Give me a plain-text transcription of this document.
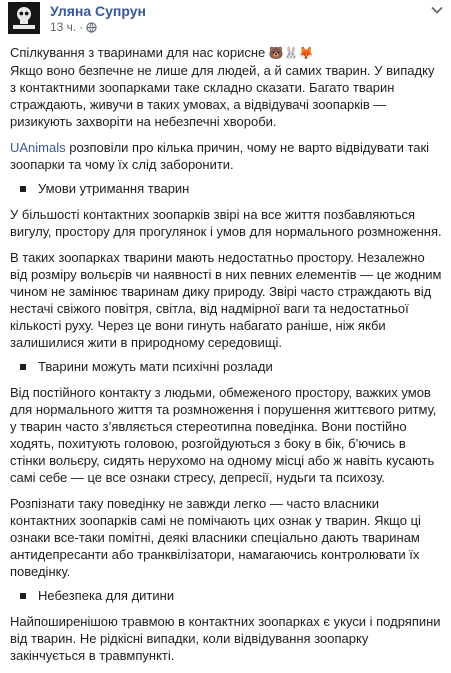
Уляна Супрун
13 ч. ·

Спілкування з тваринами для нас корисне 🐻🐰🦊
Якщо воно безпечне не лише для людей, а й самих тварин. У випадку з контактними зоопарками таке складно сказати. Багато тварин страждають, живучи в таких умовах, а відвідувачі зоопарків — ризикують захворіти на небезпечні хвороби.

UAnimals розповіли про кілька причин, чому не варто відвідувати такі зоопарки та чому їх слід заборонити.

Умови утримання тварин

У більшості контактних зоопарків звірі на все життя позбавляються вигулу, простору для прогулянок і умов для нормального розмноження.

В таких зоопарках тварини мають недостатньо простору. Незалежно від розміру вольєрів чи наявності в них певних елементів — це жодним чином не замінює тваринам дику природу. Звірі часто страждають від нестачі свіжого повітря, світла, від надмірної ваги та недостатньої кількості руху. Через це вони гинуть набагато раніше, ніж якби залишилися жити в природному середовищі.

Тварини можуть мати психічні розлади

Від постійного контакту з людьми, обмеженого простору, важких умов для нормального життя та розмноження і порушення життєвого ритму, у тварин часто з’являється стереотипна поведінка. Вони постійно ходять, похитують головою, розгойдуються з боку в бік, б’ючись в стінки вольєру, сидять нерухомо на одному місці або ж навіть кусають самі себе — це все ознаки стресу, депресії, нудьги та психозу.

Розпізнати таку поведінку не завжди легко — часто власники контактних зоопарків самі не помічають цих ознак у тварин. Якщо ці ознаки все-таки помітні, деякі власники спеціально дають тваринам антидепресанти або транквілізатори, намагаючись контролювати їх поведінку.

Небезпека для дитини

Найпоширенішою травмою в контактних зоопарках є укуси і подряпини від тварин. Не рідкісні випадки, коли відвідування зоопарку закінчується в травмпункті.
